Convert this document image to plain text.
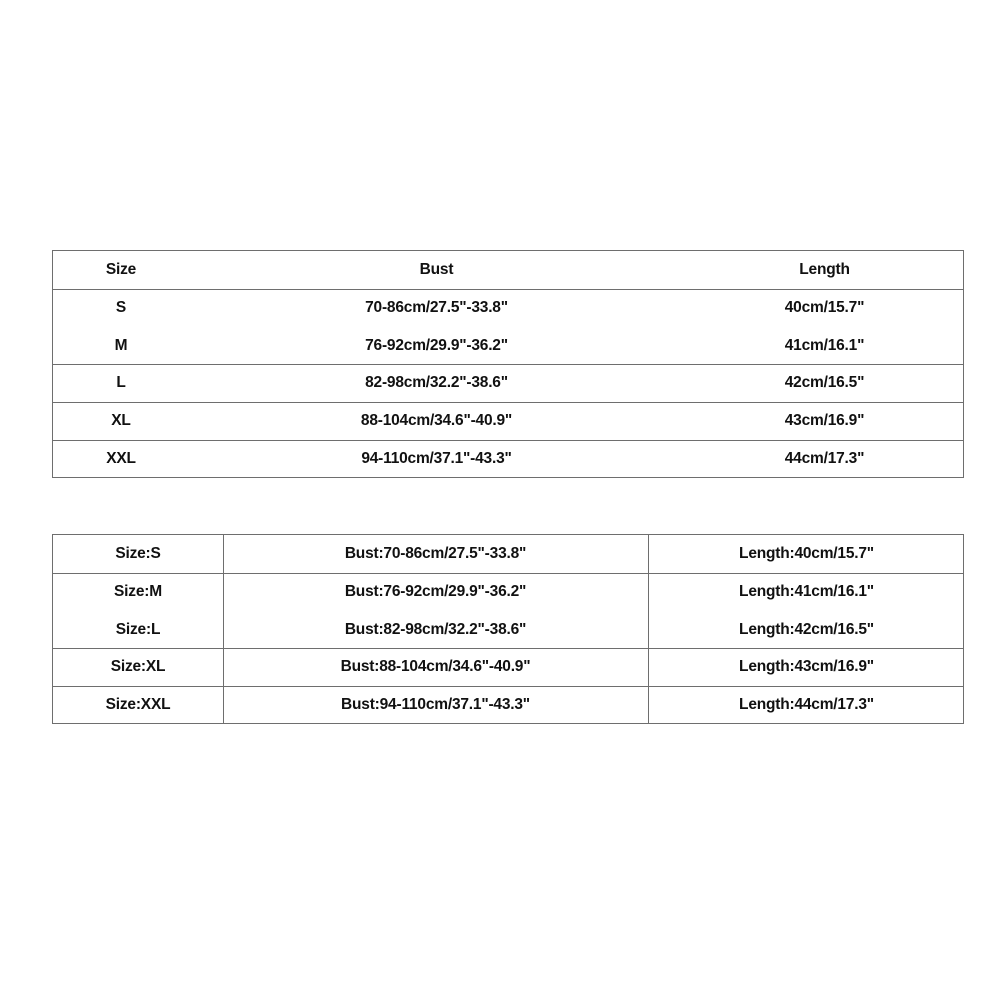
Size	Bust	Length
S	70-86cm/27.5"-33.8"	40cm/15.7"
M	76-92cm/29.9"-36.2"	41cm/16.1"
L	82-98cm/32.2"-38.6"	42cm/16.5"
XL	88-104cm/34.6"-40.9"	43cm/16.9"
XXL	94-110cm/37.1"-43.3"	44cm/17.3"
Size:S	Bust:70-86cm/27.5"-33.8"	Length:40cm/15.7"
Size:M	Bust:76-92cm/29.9"-36.2"	Length:41cm/16.1"
Size:L	Bust:82-98cm/32.2"-38.6"	Length:42cm/16.5"
Size:XL	Bust:88-104cm/34.6"-40.9"	Length:43cm/16.9"
Size:XXL	Bust:94-110cm/37.1"-43.3"	Length:44cm/17.3"
